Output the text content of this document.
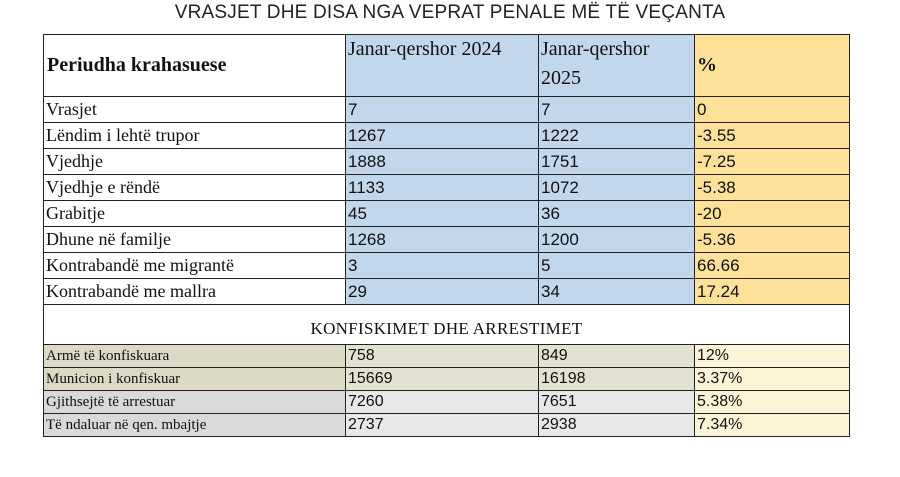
VRASJET DHE DISA NGA VEPRAT PENALE MË TË VEÇANTA
Periudha krahasuese	Janar-qershor 2024	Janar-qershor 2025	%
Vrasjet	7	7	0
Lëndim i lehtë trupor	1267	1222	-3.55
Vjedhje	1888	1751	-7.25
Vjedhje e rëndë	1133	1072	-5.38
Grabitje	45	36	-20
Dhune në familje	1268	1200	-5.36
Kontrabandë me migrantë	3	5	66.66
Kontrabandë me mallra	29	34	17.24
KONFISKIMET DHE ARRESTIMET			
Armë të konfiskuara	758	849	12%
Municion i konfiskuar	15669	16198	3.37%
Gjithsejtë të arrestuar	7260	7651	5.38%
Të ndaluar në qen. mbajtje	2737	2938	7.34%
